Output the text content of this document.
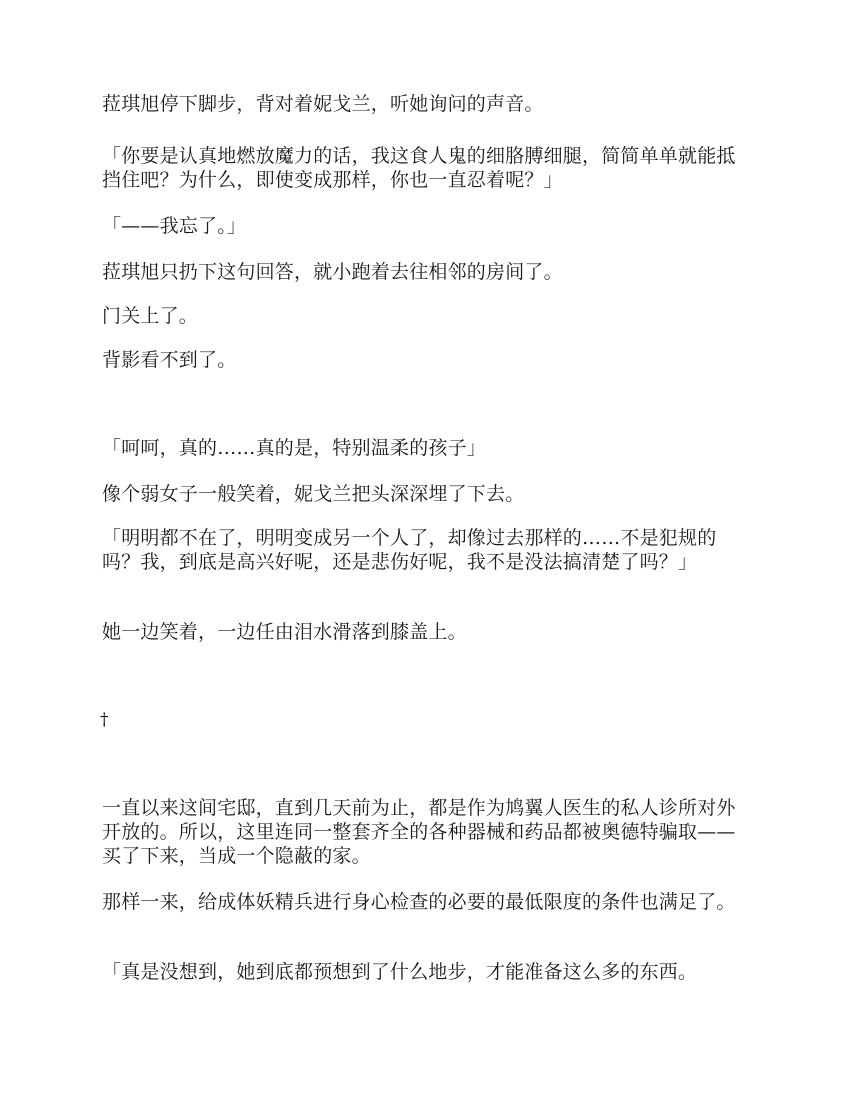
菈琪旭停下脚步，背对着妮戈兰，听她询问的声音。

「你要是认真地燃放魔力的话，我这食人鬼的细胳膊细腿，简简单单就能抵挡住吧？为什么，即使变成那样，你也一直忍着呢？」

「——我忘了。」

菈琪旭只扔下这句回答，就小跑着去往相邻的房间了。

门关上了。

背影看不到了。

「呵呵，真的……真的是，特别温柔的孩子」

像个弱女子一般笑着，妮戈兰把头深深埋了下去。

「明明都不在了，明明变成另一个人了，却像过去那样的……不是犯规的吗？我，到底是高兴好呢，还是悲伤好呢，我不是没法搞清楚了吗？」

她一边笑着，一边任由泪水滑落到膝盖上。

†

一直以来这间宅邸，直到几天前为止，都是作为鸠翼人医生的私人诊所对外开放的。所以，这里连同一整套齐全的各种器械和药品都被奥德特骗取——买了下来，当成一个隐蔽的家。

那样一来，给成体妖精兵进行身心检查的必要的最低限度的条件也满足了。

「真是没想到，她到底都预想到了什么地步，才能准备这么多的东西。
